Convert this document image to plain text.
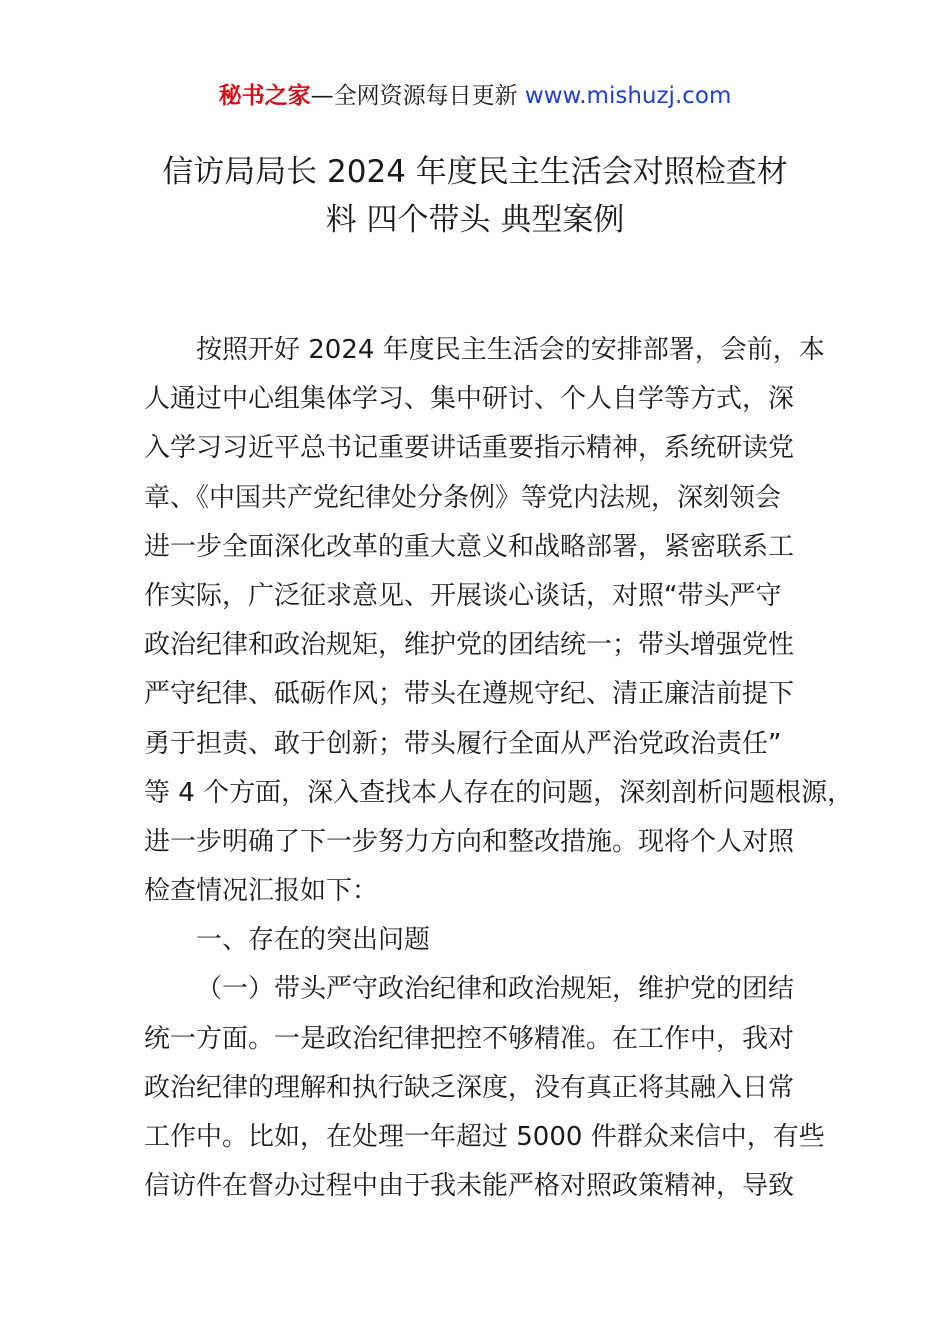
秘书之家—全网资源每日更新 www.mishuzj.com
信访局局长 2024 年度民主生活会对照检查材
料 四个带头 典型案例
按照开好 2024 年度民主生活会的安排部署，会前，本
人通过中心组集体学习、集中研讨、个人自学等方式，深
入学习习近平总书记重要讲话重要指示精神，系统研读党
章、《中国共产党纪律处分条例》等党内法规，深刻领会
进一步全面深化改革的重大意义和战略部署，紧密联系工
作实际，广泛征求意见、开展谈心谈话，对照“带头严守
政治纪律和政治规矩，维护党的团结统一；带头增强党性
严守纪律、砥砺作风；带头在遵规守纪、清正廉洁前提下
勇于担责、敢于创新；带头履行全面从严治党政治责任”
等 4 个方面，深入查找本人存在的问题，深刻剖析问题根源，
进一步明确了下一步努力方向和整改措施。现将个人对照
检查情况汇报如下：
一、存在的突出问题
（一）带头严守政治纪律和政治规矩，维护党的团结
统一方面。一是政治纪律把控不够精准。在工作中，我对
政治纪律的理解和执行缺乏深度，没有真正将其融入日常
工作中。比如，在处理一年超过 5000 件群众来信中，有些
信访件在督办过程中由于我未能严格对照政策精神，导致
